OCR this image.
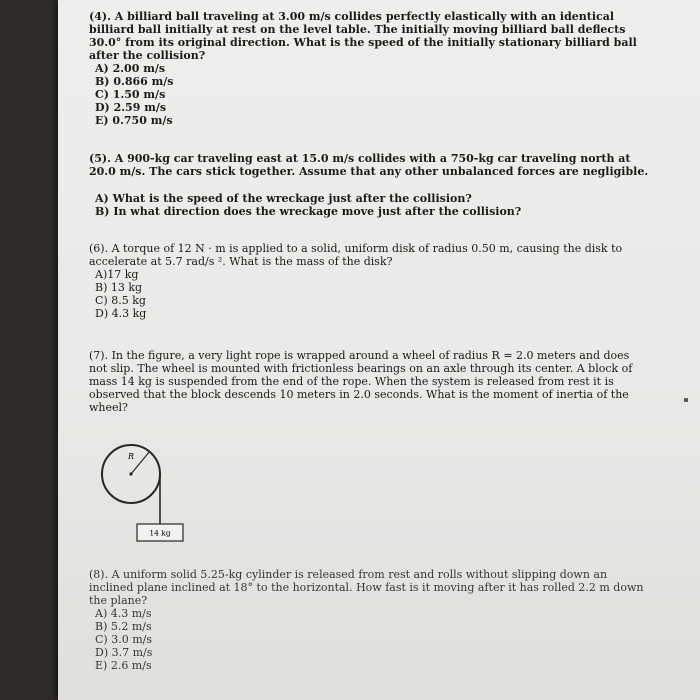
(4). A billiard ball traveling at 3.00 m/s collides perfectly elastically with an identical billiard ball initially at rest on the level table. The initially moving billiard ball deflects 30.0° from its original direction. What is the speed of the initially stationary billiard ball after the collision?

A) 2.00 m/s
B) 0.866 m/s
C) 1.50 m/s
D) 2.59 m/s
E) 0.750 m/s

(5). A 900-kg car traveling east at 15.0 m/s collides with a 750-kg car traveling north at 20.0 m/s. The cars stick together. Assume that any other unbalanced forces are negligible.

A) What is the speed of the wreckage just after the collision?
B) In what direction does the wreckage move just after the collision?

(6). A torque of 12 N · m is applied to a solid, uniform disk of radius 0.50 m, causing the disk to accelerate at 5.7 rad/s ². What is the mass of the disk?

A)17 kg
B) 13 kg
C) 8.5 kg
D) 4.3 kg

(7). In the figure, a very light rope is wrapped around a wheel of radius R = 2.0 meters and does not slip. The wheel is mounted with frictionless bearings on an axle through its center. A block of mass 14 kg is suspended from the end of the rope. When the system is released from rest it is observed that the block descends 10 meters in 2.0 seconds. What is the moment of inertia of the wheel?

R
14 kg

(8). A uniform solid 5.25-kg cylinder is released from rest and rolls without slipping down an inclined plane inclined at 18° to the horizontal. How fast is it moving after it has rolled 2.2 m down the plane?

A) 4.3 m/s
B) 5.2 m/s
C) 3.0 m/s
D) 3.7 m/s
E) 2.6 m/s
